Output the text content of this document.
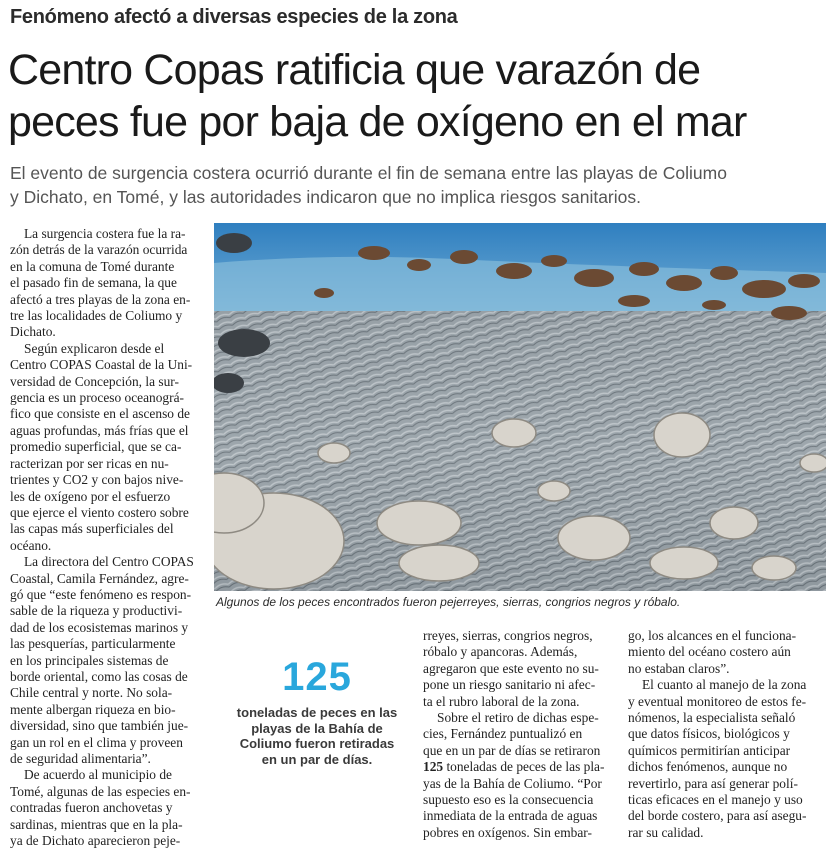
Fenómeno afectó a diversas especies de la zona
Centro Copas ratificia que varazón de
peces fue por baja de oxígeno en el mar
El evento de surgencia costera ocurrió durante el fin de semana entre las playas de Coliumo
y Dichato, en Tomé, y las autoridades indicaron que no implica riesgos sanitarios.
Algunos de los peces encontrados fueron pejerreyes, sierras, congrios negros y róbalo.

La surgencia costera fue la ra-
zón detrás de la varazón ocurrida
en la comuna de Tomé durante
el pasado fin de semana, la que
afectó a tres playas de la zona en-
tre las localidades de Coliumo y
Dichato.

Según explicaron desde el
Centro COPAS Coastal de la Uni-
versidad de Concepción, la sur-
gencia es un proceso oceanográ-
fico que consiste en el ascenso de
aguas profundas, más frías que el
promedio superficial, que se ca-
racterizan por ser ricas en nu-
trientes y CO2 y con bajos nive-
les de oxígeno por el esfuerzo
que ejerce el viento costero sobre
las capas más superficiales del
océano.

La directora del Centro COPAS
Coastal, Camila Fernández, agre-
gó que “este fenómeno es respon-
sable de la riqueza y productivi-
dad de los ecosistemas marinos y
las pesquerías, particularmente
en los principales sistemas de
borde oriental, como las cosas de
Chile central y norte. No sola-
mente albergan riqueza en bio-
diversidad, sino que también jue-
gan un rol en el clima y proveen
de seguridad alimentaria”.

De acuerdo al municipio de
Tomé, algunas de las especies en-
contradas fueron anchovetas y
sardinas, mientras que en la pla-
ya de Dichato aparecieron peje-

125
toneladas de peces en las
playas de la Bahía de
Coliumo fueron retiradas
en un par de días.

rreyes, sierras, congrios negros,
róbalo y apancoras. Además,
agregaron que este evento no su-
pone un riesgo sanitario ni afec-
ta el rubro laboral de la zona.

Sobre el retiro de dichas espe-
cies, Fernández puntualizó en
que en un par de días se retiraron
125 toneladas de peces de las pla-
yas de la Bahía de Coliumo. “Por
supuesto eso es la consecuencia
inmediata de la entrada de aguas
pobres en oxígenos. Sin embar-

go, los alcances en el funciona-
miento del océano costero aún
no estaban claros”.

El cuanto al manejo de la zona
y eventual monitoreo de estos fe-
nómenos, la especialista señaló
que datos físicos, biológicos y
químicos permitirían anticipar
dichos fenómenos, aunque no
revertirlo, para así generar polí-
ticas eficaces en el manejo y uso
del borde costero, para así asegu-
rar su calidad.
